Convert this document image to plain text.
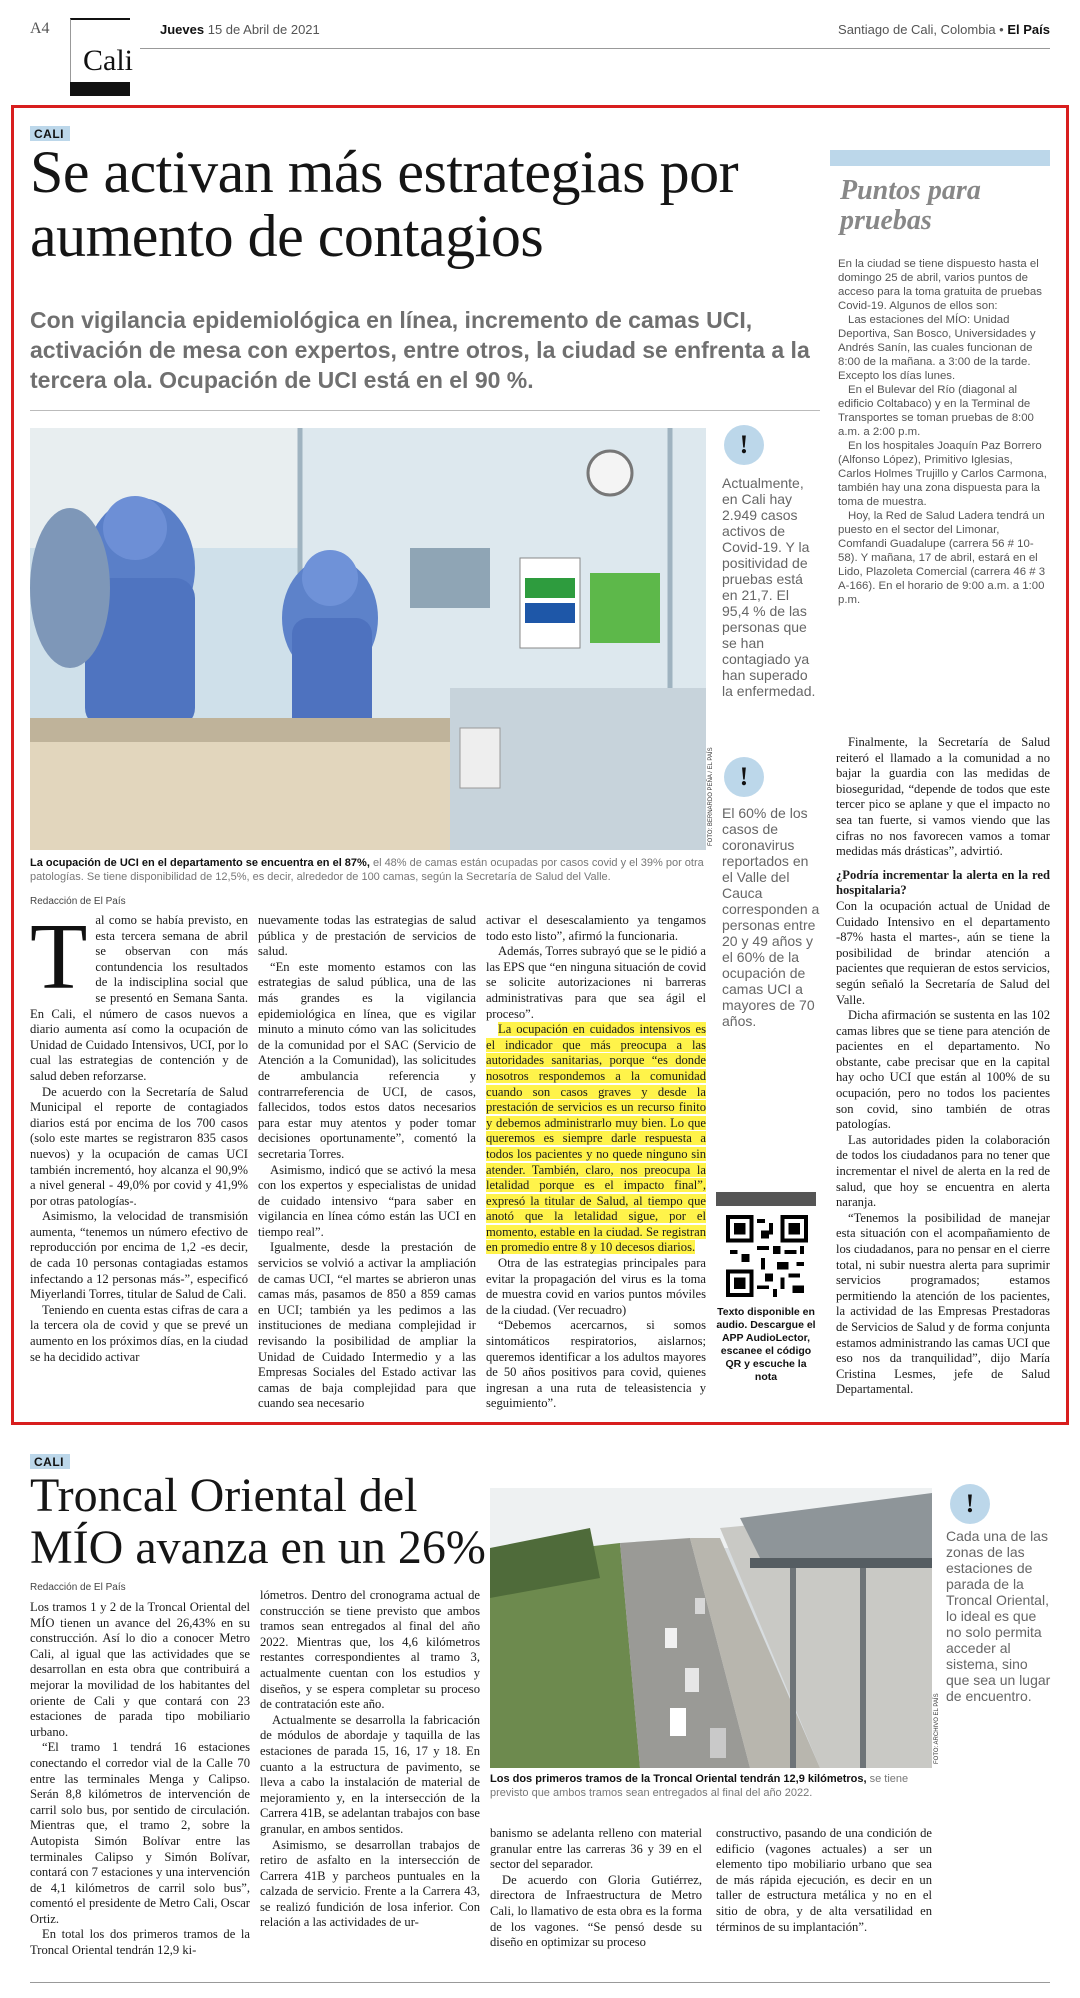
A4
Cali
Jueves 15 de Abril de 2021	Santiago de Cali, Colombia • El País
CALI
Se activan más estrategias por aumento de contagios
Con vigilancia epidemiológica en línea, incremento de camas UCI, activación de mesa con expertos, entre otros, la ciudad se enfrenta a la tercera ola. Ocupación de UCI está en el 90 %.
FOTO: BERNARDO PEÑA / EL PAÍS
La ocupación de UCI en el departamento se encuentra en el 87%, el 48% de camas están ocupadas por casos covid y el 39% por otra patologías. Se tiene disponibilidad de 12,5%, es decir, alrededor de 100 camas, según la Secretaría de Salud del Valle.
!
Actualmente, en Cali hay 2.949 casos activos de Covid-19. Y la positividad de pruebas está en 21,7. El 95,4 % de las personas que se han contagiado ya han superado la enfermedad.
!
El 60% de los casos de coronavirus reportados en el Valle del Cauca corresponden a personas entre 20 y 49 años y el 60% de la ocupación de camas UCI a mayores de 70 años.
Puntos para pruebas

En la ciudad se tiene dispuesto hasta el domingo 25 de abril, varios puntos de acceso para la toma gratuita de pruebas Covid-19. Algunos de ellos son:

Las estaciones del MÍO: Unidad Deportiva, San Bosco, Universidades y Andrés Sanín, las cuales funcionan de 8:00 de la mañana. a 3:00 de la tarde. Excepto los días lunes.

En el Bulevar del Río (diagonal al edificio Coltabaco) y en la Terminal de Transportes se toman pruebas de 8:00 a.m. a 2:00 p.m.

En los hospitales Joaquín Paz Borrero (Alfonso López), Primitivo Iglesias, Carlos Holmes Trujillo y Carlos Carmona, también hay una zona dispuesta para la toma de muestra.

Hoy, la Red de Salud Ladera tendrá un puesto en el sector del Limonar, Comfandi Guadalupe (carrera 56 # 10-58). Y mañana, 17 de abril, estará en el Lido, Plazoleta Comercial (carrera 46 # 3 A-166). En el horario de 9:00 a.m. a 1:00 p.m.

Redacción de El País

Tal como se había previsto, en esta tercera semana de abril se observan con más contundencia los resultados de la indisciplina social que se presentó en Semana Santa. En Cali, el número de casos nuevos a diario aumenta así como la ocupación de Unidad de Cuidado Intensivos, UCI, por lo cual las estrategias de contención y de salud deben reforzarse.

De acuerdo con la Secretaría de Salud Municipal el reporte de contagiados diarios está por encima de los 700 casos (solo este martes se registraron 835 casos nuevos) y la ocupación de camas UCI también incrementó, hoy alcanza el 90,9% a nivel general - 49,0% por covid y 41,9% por otras patologías-.

Asimismo, la velocidad de transmisión aumenta, “tenemos un número efectivo de reproducción por encima de 1,2 -es decir, de cada 10 personas contagiadas estamos infectando a 12 personas más-”, especificó Miyerlandi Torres, titular de Salud de Cali.

Teniendo en cuenta estas cifras de cara a la tercera ola de covid y que se prevé un aumento en los próximos días, en la ciudad se ha decidido activar

nuevamente todas las estrategias de salud pública y de prestación de servicios de salud.

“En este momento estamos con las estrategias de salud pública, una de las más grandes es la vigilancia epidemiológica en línea, que es vigilar minuto a minuto cómo van las solicitudes de la comunidad por el SAC (Servicio de Atención a la Comunidad), las solicitudes de ambulancia referencia y contrarreferencia de UCI, de casos, fallecidos, todos estos datos necesarios para estar muy atentos y poder tomar decisiones oportunamente”, comentó la secretaria Torres.

Asimismo, indicó que se activó la mesa con los expertos y especialistas de unidad de cuidado intensivo “para saber en vigilancia en línea cómo están las UCI en tiempo real”.

Igualmente, desde la prestación de servicios se volvió a activar la ampliación de camas UCI, “el martes se abrieron unas camas más, pasamos de 850 a 859 camas en UCI; también ya les pedimos a las instituciones de mediana complejidad ir revisando la posibilidad de ampliar la Unidad de Cuidado Intermedio y a las Empresas Sociales del Estado activar las camas de baja complejidad para que cuando sea necesario

activar el desescalamiento ya tengamos todo esto listo”, afirmó la funcionaria.

Además, Torres subrayó que se le pidió a las EPS que “en ninguna situación de covid se solicite autorizaciones ni barreras administrativas para que sea ágil el proceso”.

La ocupación en cuidados intensivos es el indicador que más preocupa a las autoridades sanitarias, porque “es donde nosotros respondemos a la comunidad cuando son casos graves y desde la prestación de servicios es un recurso finito y debemos administrarlo muy bien. Lo que queremos es siempre darle respuesta a todos los pacientes y no quede ninguno sin atender. También, claro, nos preocupa la letalidad porque es el impacto final”, expresó la titular de Salud, al tiempo que anotó que la letalidad sigue, por el momento, estable en la ciudad. Se registran en promedio entre 8 y 10 decesos diarios.

Otra de las estrategias principales para evitar la propagación del virus es la toma de muestra covid en varios puntos móviles de la ciudad. (Ver recuadro)

“Debemos acercarnos, si somos sintomáticos respiratorios, aislarnos; queremos identificar a los adultos mayores de 50 años positivos para covid, quienes ingresan a una ruta de teleasistencia y seguimiento”.

Texto disponible en audio. Descargue el APP AudioLector, escanee el código QR y escuche la nota

Finalmente, la Secretaría de Salud reiteró el llamado a la comunidad a no bajar la guardia con las medidas de bioseguridad, “depende de todos que este tercer pico se aplane y que el impacto no sea tan fuerte, si vamos viendo que las cifras no nos favorecen vamos a tomar medidas más drásticas”, advirtió.

¿Podría incrementar la alerta en la red hospitalaria?

Con la ocupación actual de Unidad de Cuidado Intensivo en el departamento -87% hasta el martes-, aún se tiene la posibilidad de brindar atención a pacientes que requieran de estos servicios, según señaló la Secretaría de Salud del Valle.

Dicha afirmación se sustenta en las 102 camas libres que se tiene para atención de pacientes en el departamento. No obstante, cabe precisar que en la capital hay ocho UCI que están al 100% de su ocupación, pero no todos los pacientes son covid, sino también de otras patologías.

Las autoridades piden la colaboración de todos los ciudadanos para no tener que incrementar el nivel de alerta en la red de salud, que hoy se encuentra en alerta naranja.

“Tenemos la posibilidad de manejar esta situación con el acompañamiento de los ciudadanos, para no pensar en el cierre total, ni subir nuestra alerta para suprimir servicios programados; estamos permitiendo la atención de los pacientes, la actividad de las Empresas Prestadoras de Servicios de Salud y de forma conjunta estamos administrando las camas UCI que eso nos da tranquilidad”, dijo María Cristina Lesmes, jefe de Salud Departamental.

CALI
Troncal Oriental del MÍO avanza en un 26%
Redacción de El País

Los tramos 1 y 2 de la Troncal Oriental del MÍO tienen un avance del 26,43% en su construcción. Así lo dio a conocer Metro Cali, al igual que las actividades que se desarrollan en esta obra que contribuirá a mejorar la movilidad de los habitantes del oriente de Cali y que contará con 23 estaciones de parada tipo mobiliario urbano.

“El tramo 1 tendrá 16 estaciones conectando el corredor vial de la Calle 70 entre las terminales Menga y Calipso. Serán 8,8 kilómetros de intervención de carril solo bus, por sentido de circulación. Mientras que, el tramo 2, sobre la Autopista Simón Bolívar entre las terminales Calipso y Simón Bolívar, contará con 7 estaciones y una intervención de 4,1 kilómetros de carril solo bus”, comentó el presidente de Metro Cali, Oscar Ortiz.

En total los dos primeros tramos de la Troncal Oriental tendrán 12,9 ki-

lómetros. Dentro del cronograma actual de construcción se tiene previsto que ambos tramos sean entregados al final del año 2022. Mientras que, los 4,6 kilómetros restantes correspondientes al tramo 3, actualmente cuentan con los estudios y diseños, y se espera completar su proceso de contratación este año.

Actualmente se desarrolla la fabricación de módulos de abordaje y taquilla de las estaciones de parada 15, 16, 17 y 18. En cuanto a la estructura de pavimento, se lleva a cabo la instalación de material de mejoramiento y, en la intersección de la Carrera 41B, se adelantan trabajos con base granular, en ambos sentidos.

Asimismo, se desarrollan trabajos de retiro de asfalto en la intersección de Carrera 41B y parcheos puntuales en la calzada de servicio. Frente a la Carrera 43, se realizó fundición de losa inferior. Con relación a las actividades de ur-

FOTO: ARCHIVO EL PAÍS
Los dos primeros tramos de la Troncal Oriental tendrán 12,9 kilómetros, se tiene previsto que ambos tramos sean entregados al final del año 2022.
!
Cada una de las zonas de las estaciones de parada de la Troncal Oriental, lo ideal es que no solo permita acceder al sistema, sino que sea un lugar de encuentro.

banismo se adelanta relleno con material granular entre las carreras 36 y 39 en el sector del separador.

De acuerdo con Gloria Gutiérrez, directora de Infraestructura de Metro Cali, lo llamativo de esta obra es la forma de los vagones. “Se pensó desde su diseño en optimizar su proceso

constructivo, pasando de una condición de edificio (vagones actuales) a ser un elemento tipo mobiliario urbano que sea de más rápida ejecución, es decir en un taller de estructura metálica y no en el sitio de obra, y de alta versatilidad en términos de su implantación”.
